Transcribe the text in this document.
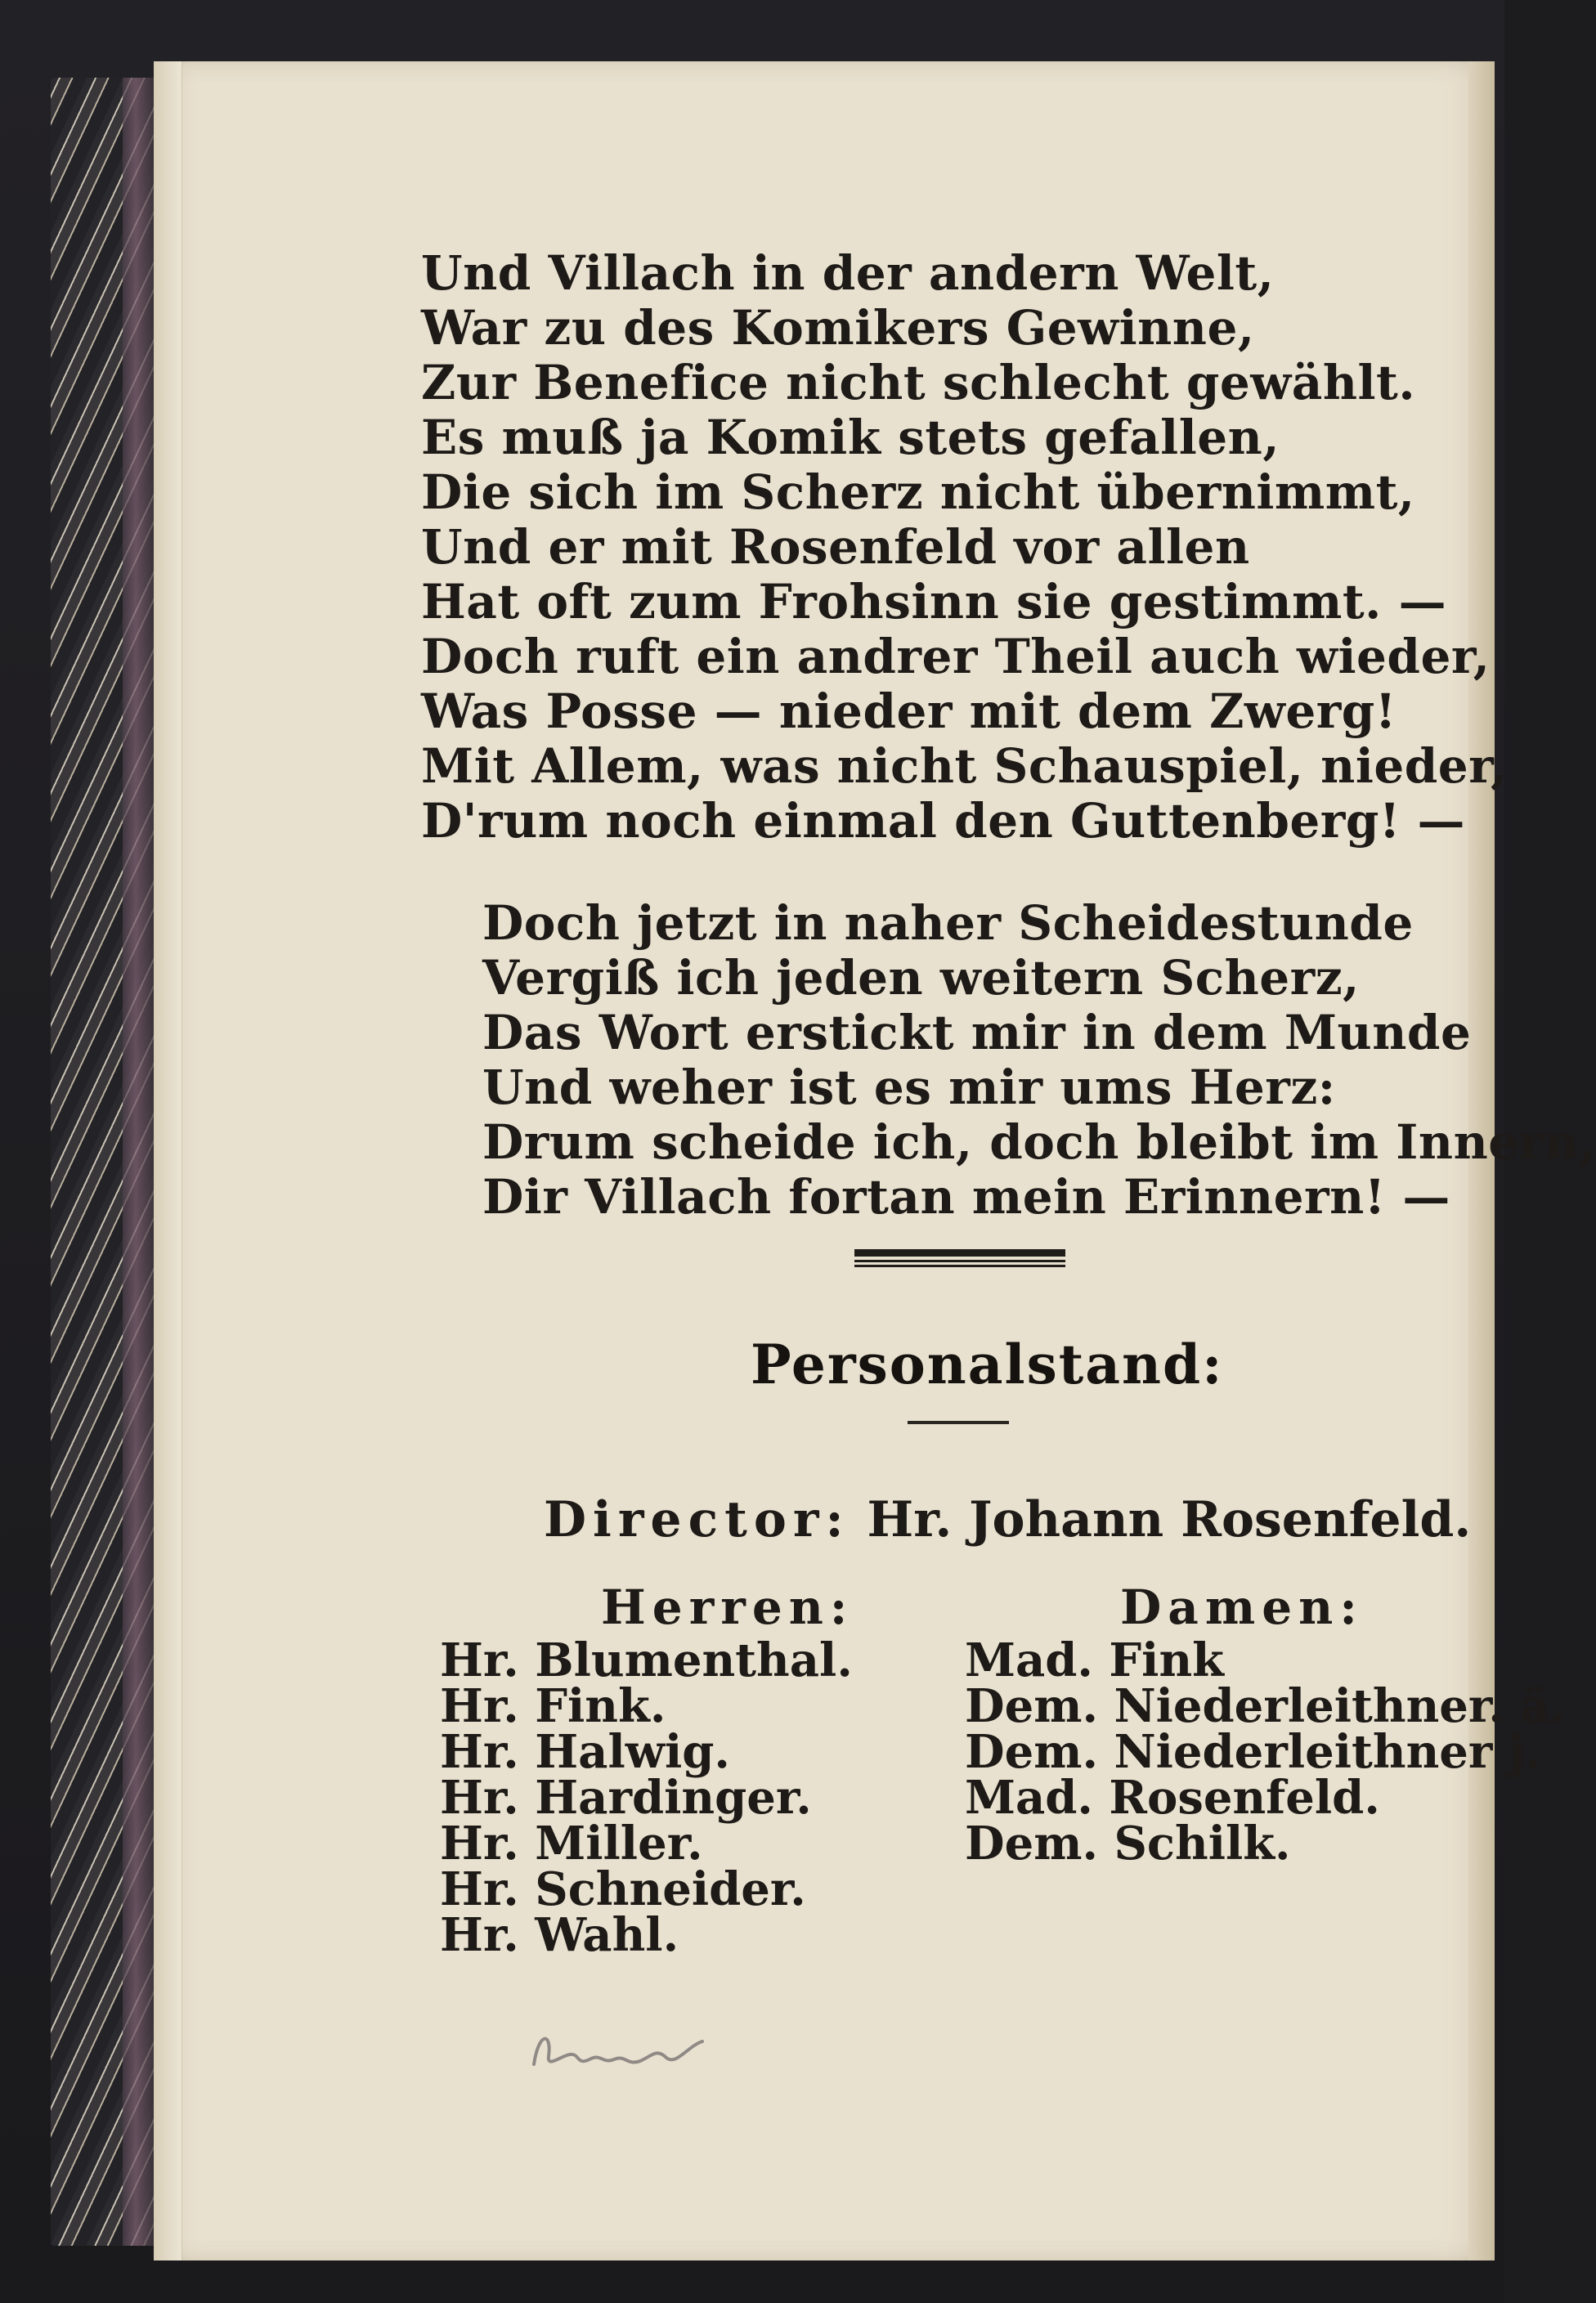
Und Villach in der andern Welt,

War zu des Komikers Gewinne,

Zur Benefice nicht schlecht gewählt.

Es muß ja Komik stets gefallen,

Die sich im Scherz nicht übernimmt,

Und er mit Rosenfeld vor allen

Hat oft zum Frohsinn sie gestimmt. —

Doch ruft ein andrer Theil auch wieder,

Was Posse — nieder mit dem Zwerg!

Mit Allem, was nicht Schauspiel, nieder,

D'rum noch einmal den Guttenberg! —

Doch jetzt in naher Scheidestunde

Vergiß ich jeden weitern Scherz,

Das Wort erstickt mir in dem Munde

Und weher ist es mir ums Herz:

Drum scheide ich, doch bleibt im Innern,

Dir Villach fortan mein Erinnern! —

Personalstand:

Director: Hr. Johann Rosenfeld.

Herren:
Hr. Blumenthal.
Hr. Fink.
Hr. Halwig.
Hr. Hardinger.
Hr. Miller.
Hr. Schneider.
Hr. Wahl.
Damen:
Mad. Fink
Dem. Niederleithner. ä.
Dem. Niederleithner j.
Mad. Rosenfeld.
Dem. Schilk.
